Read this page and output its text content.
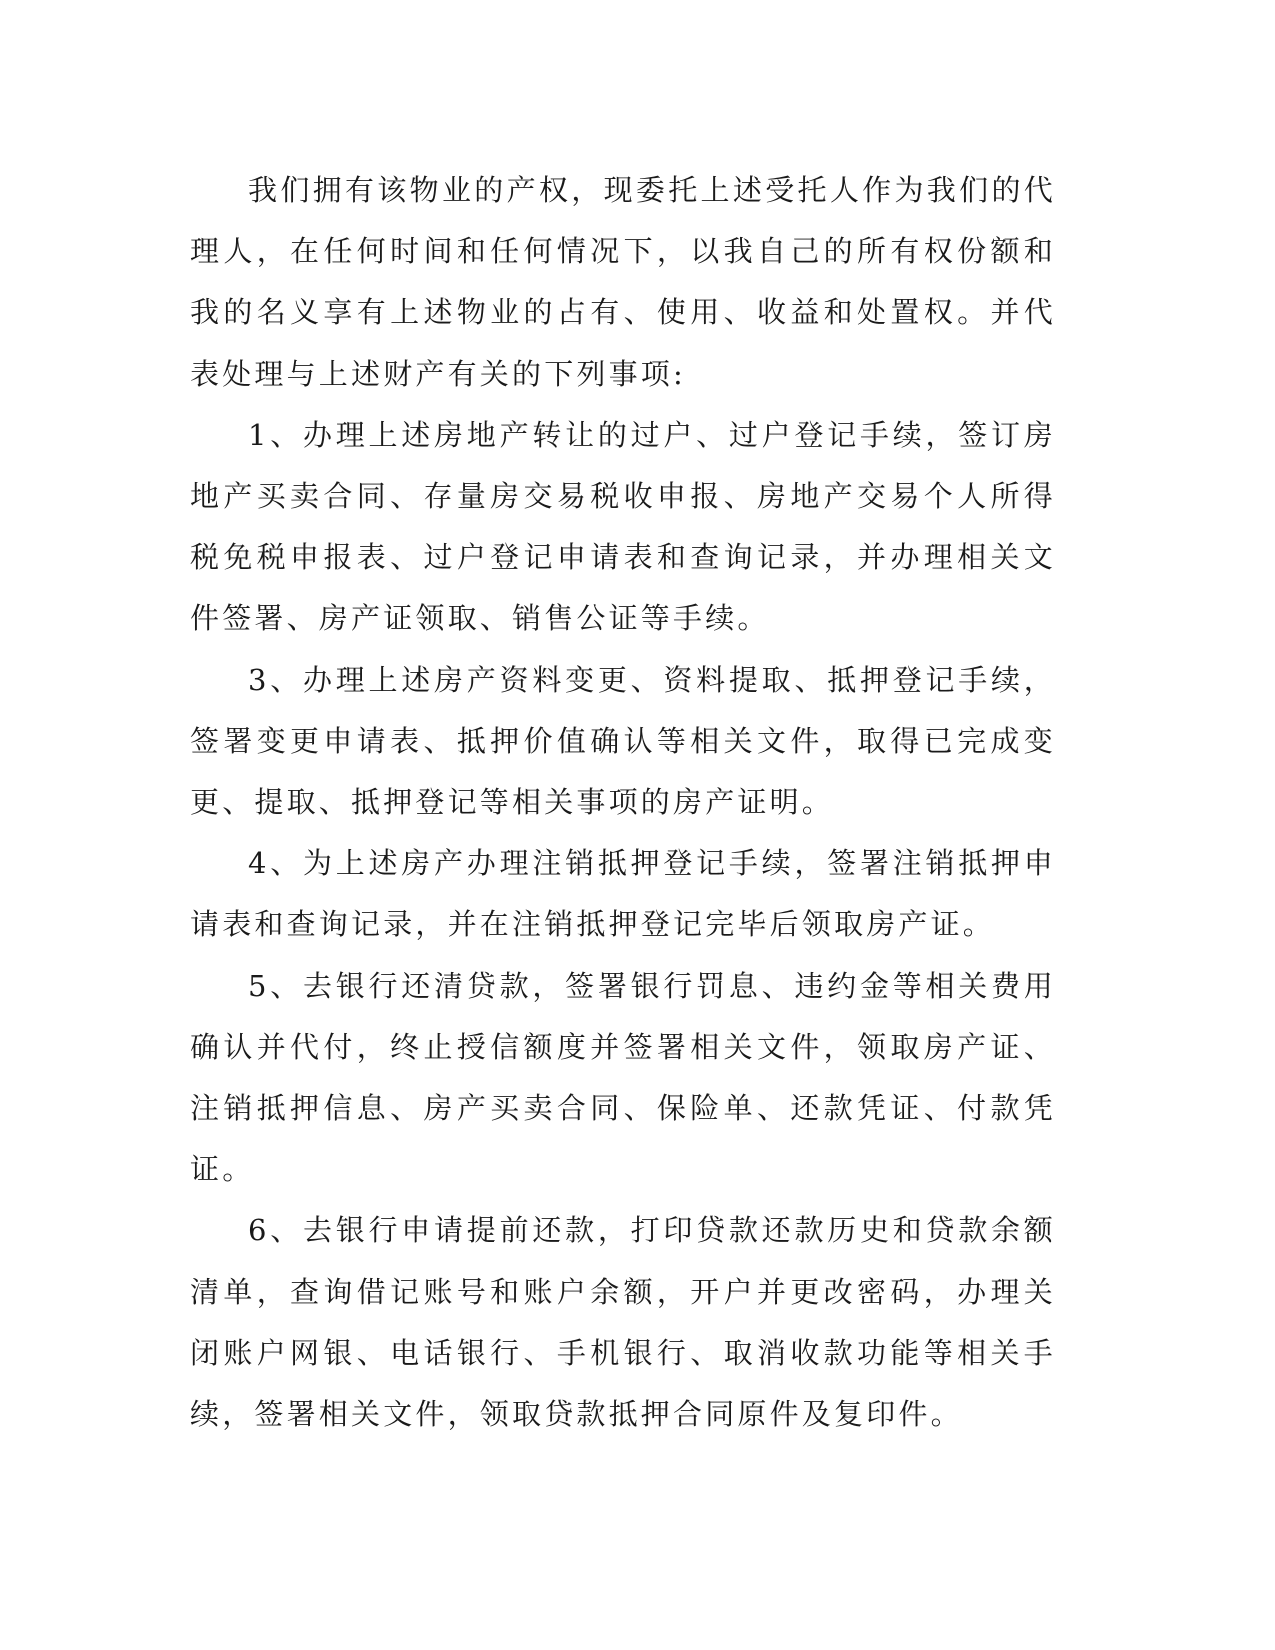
我们拥有该物业的产权，现委托上述受托人作为我们的代理人，在任何时间和任何情况下，以我自己的所有权份额和我的名义享有上述物业的占有、使用、收益和处置权。并代表处理与上述财产有关的下列事项:

1、办理上述房地产转让的过户、过户登记手续，签订房地产买卖合同、存量房交易税收申报、房地产交易个人所得税免税申报表、过户登记申请表和查询记录，并办理相关文件签署、房产证领取、销售公证等手续。

3、办理上述房产资料变更、资料提取、抵押登记手续，签署变更申请表、抵押价值确认等相关文件，取得已完成变更、提取、抵押登记等相关事项的房产证明。

4、为上述房产办理注销抵押登记手续，签署注销抵押申请表和查询记录，并在注销抵押登记完毕后领取房产证。

5、去银行还清贷款，签署银行罚息、违约金等相关费用确认并代付，终止授信额度并签署相关文件，领取房产证、注销抵押信息、房产买卖合同、保险单、还款凭证、付款凭证。

6、去银行申请提前还款，打印贷款还款历史和贷款余额清单，查询借记账号和账户余额，开户并更改密码，办理关闭账户网银、电话银行、手机银行、取消收款功能等相关手续，签署相关文件，领取贷款抵押合同原件及复印件。
